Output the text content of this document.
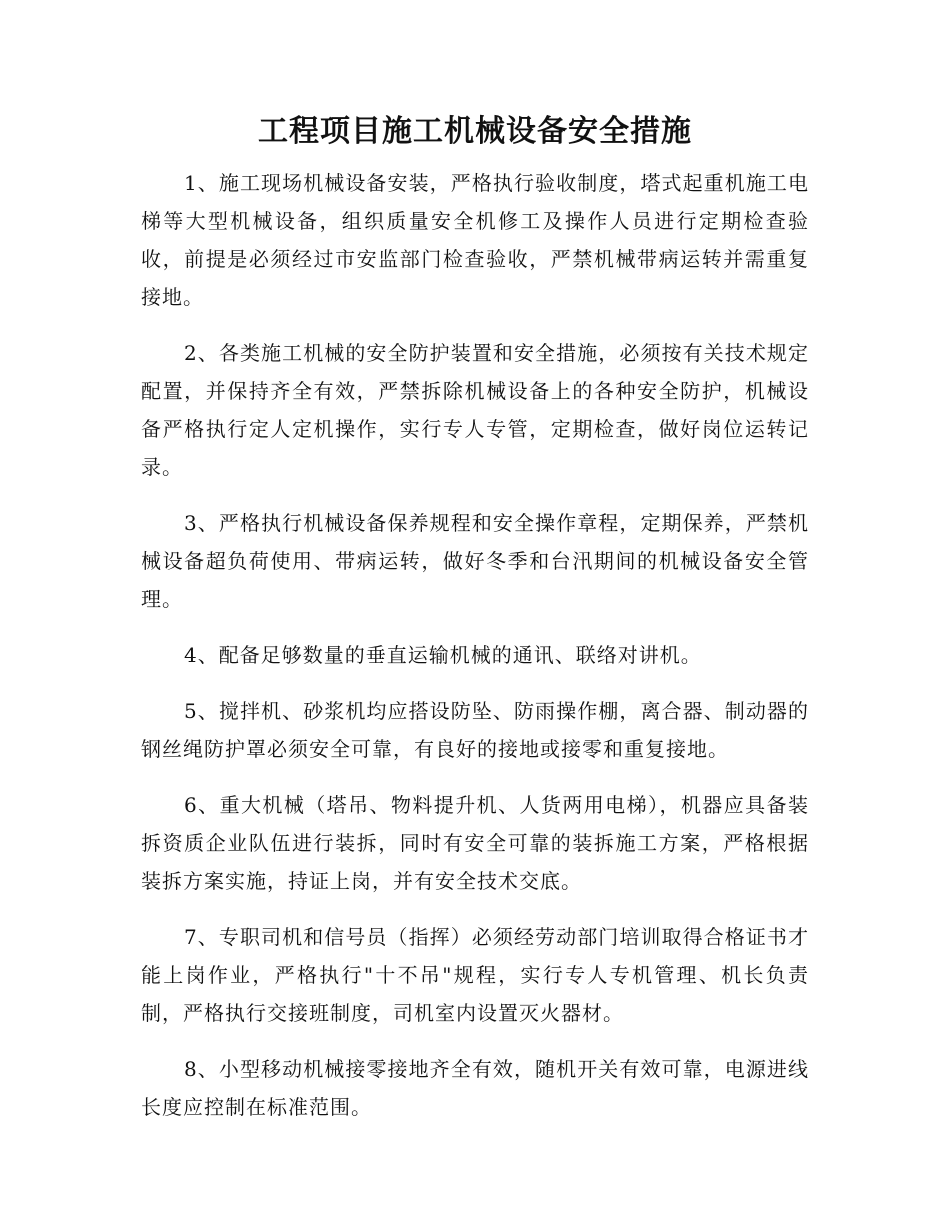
工程项目施工机械设备安全措施

1、施工现场机械设备安装，严格执行验收制度，塔式起重机施工电梯等大型机械设备，组织质量安全机修工及操作人员进行定期检查验收，前提是必须经过市安监部门检查验收，严禁机械带病运转并需重复接地。

2、各类施工机械的安全防护装置和安全措施，必须按有关技术规定配置，并保持齐全有效，严禁拆除机械设备上的各种安全防护，机械设备严格执行定人定机操作，实行专人专管，定期检查，做好岗位运转记录。

3、严格执行机械设备保养规程和安全操作章程，定期保养，严禁机械设备超负荷使用、带病运转，做好冬季和台汛期间的机械设备安全管理。

4、配备足够数量的垂直运输机械的通讯、联络对讲机。

5、搅拌机、砂浆机均应搭设防坠、防雨操作棚，离合器、制动器的钢丝绳防护罩必须安全可靠，有良好的接地或接零和重复接地。

6、重大机械（塔吊、物料提升机、人货两用电梯），机器应具备装拆资质企业队伍进行装拆，同时有安全可靠的装拆施工方案，严格根据装拆方案实施，持证上岗，并有安全技术交底。

7、专职司机和信号员（指挥）必须经劳动部门培训取得合格证书才能上岗作业，严格执行"十不吊"规程，实行专人专机管理、机长负责制，严格执行交接班制度，司机室内设置灭火器材。

8、小型移动机械接零接地齐全有效，随机开关有效可靠，电源进线长度应控制在标准范围。
